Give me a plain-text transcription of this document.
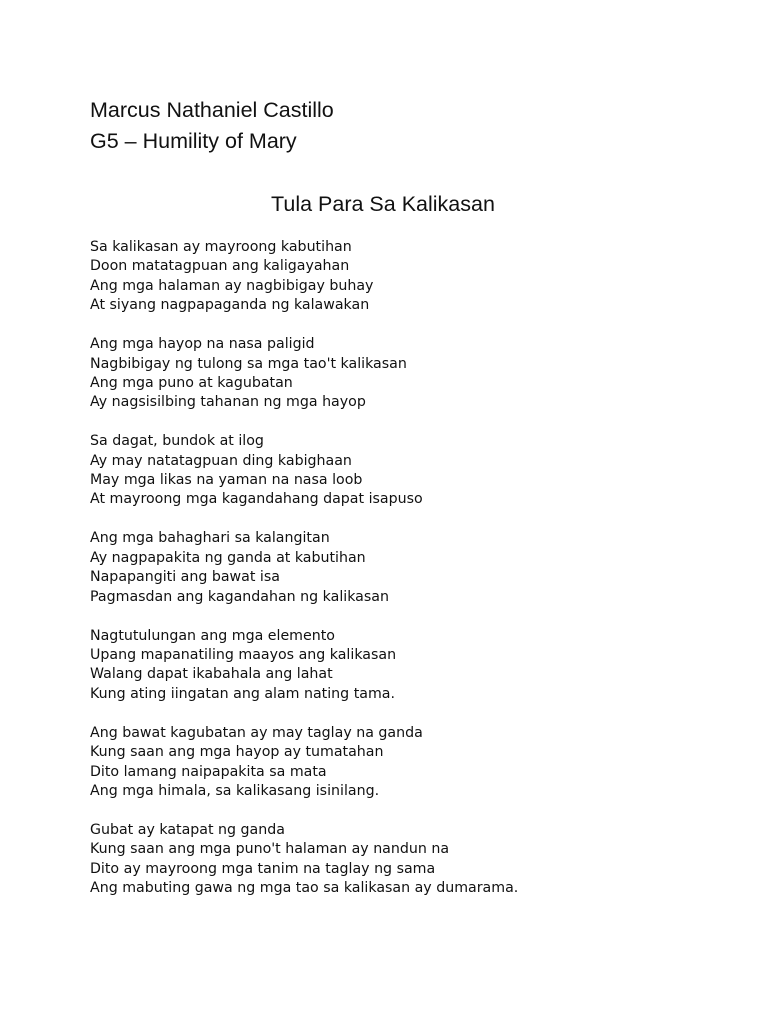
Marcus Nathaniel Castillo
G5 – Humility of Mary
Tula Para Sa Kalikasan
Sa kalikasan ay mayroong kabutihan
Doon matatagpuan ang kaligayahan
Ang mga halaman ay nagbibigay buhay
At siyang nagpapaganda ng kalawakan
Ang mga hayop na nasa paligid
Nagbibigay ng tulong sa mga tao't kalikasan
Ang mga puno at kagubatan
Ay nagsisilbing tahanan ng mga hayop
Sa dagat, bundok at ilog
Ay may natatagpuan ding kabighaan
May mga likas na yaman na nasa loob
At mayroong mga kagandahang dapat isapuso
Ang mga bahaghari sa kalangitan
Ay nagpapakita ng ganda at kabutihan
Napapangiti ang bawat isa
Pagmasdan ang kagandahan ng kalikasan
Nagtutulungan ang mga elemento
Upang mapanatiling maayos ang kalikasan
Walang dapat ikabahala ang lahat
Kung ating iingatan ang alam nating tama.
Ang bawat kagubatan ay may taglay na ganda
Kung saan ang mga hayop ay tumatahan
Dito lamang naipapakita sa mata
Ang mga himala, sa kalikasang isinilang.
Gubat ay katapat ng ganda
Kung saan ang mga puno't halaman ay nandun na
Dito ay mayroong mga tanim na taglay ng sama
Ang mabuting gawa ng mga tao sa kalikasan ay dumarama.
